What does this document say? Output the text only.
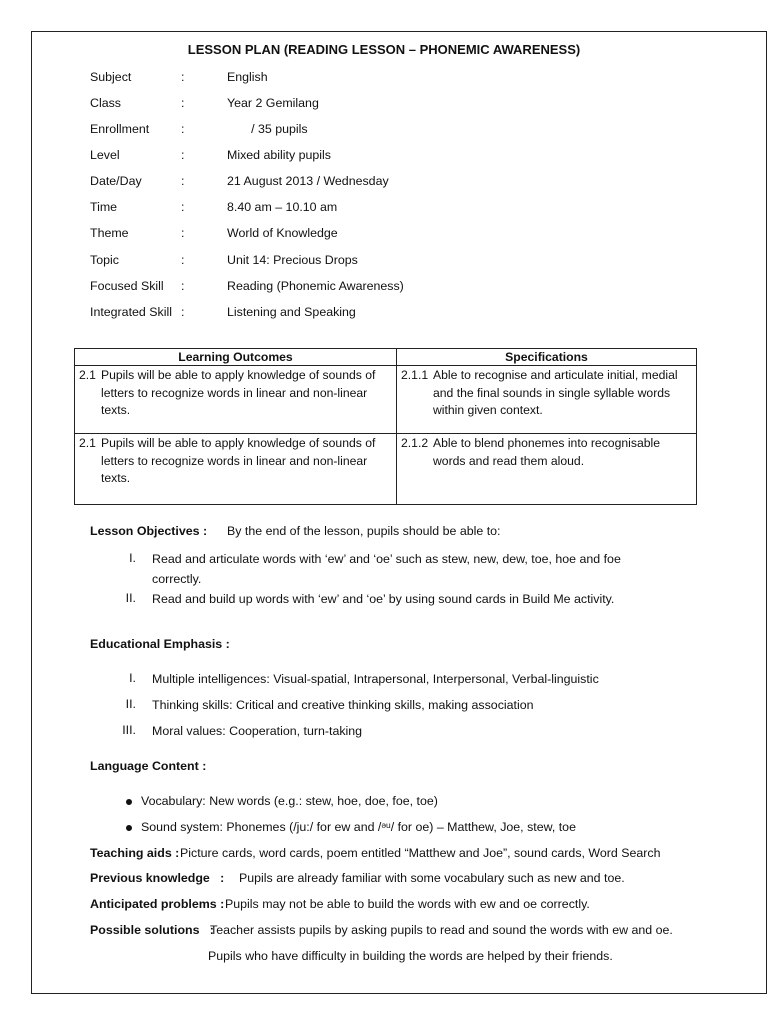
LESSON PLAN (READING LESSON – PHONEMIC AWARENESS)
Subject	:	English
Class	:	Year 2 Gemilang
Enrollment	:	/ 35 pupils
Level	:	Mixed ability pupils
Date/Day	:	21 August 2013 / Wednesday
Time	:	8.40 am – 10.10 am
Theme	:	World of Knowledge
Topic	:	Unit 14: Precious Drops
Focused Skill :	Reading (Phonemic Awareness)
Integrated Skill :	Listening and Speaking
Learning Outcomes	Specifications

2.1 Pupils will be able to apply knowledge of sounds of letters to recognize words in linear and non-linear texts.	2.1.1 Able to recognise and articulate initial, medial and the final sounds in single syllable words within given context.

2.1 Pupils will be able to apply knowledge of sounds of letters to recognize words in linear and non-linear texts.	2.1.2 Able to blend phonemes into recognisable words and read them aloud.
Lesson Objectives : By the end of the lesson, pupils should be able to:
I. Read and articulate words with ‘ew’ and ‘oe’ such as stew, new, dew, toe, hoe and foe correctly.
II. Read and build up words with ‘ew’ and ‘oe’ by using sound cards in Build Me activity.
Educational Emphasis :
I. Multiple intelligences: Visual-spatial, Intrapersonal, Interpersonal, Verbal-linguistic
II. Thinking skills: Critical and creative thinking skills, making association
III. Moral values: Cooperation, turn-taking
Language Content :
Vocabulary: New words (e.g.: stew, hoe, doe, foe, toe)
Sound system: Phonemes (/ju:/ for ew and /ᵊᵘ/ for oe) – Matthew, Joe, stew, toe
Teaching aids : Picture cards, word cards, poem entitled “Matthew and Joe”, sound cards, Word Search
Previous knowledge   : Pupils are already familiar with some vocabulary such as new and toe.
Anticipated problems : Pupils may not be able to build the words with ew and oe correctly.
Possible solutions   :
Teacher assists pupils by asking pupils to read and sound the words with ew and oe.
Pupils who have difficulty in building the words are helped by their friends.
